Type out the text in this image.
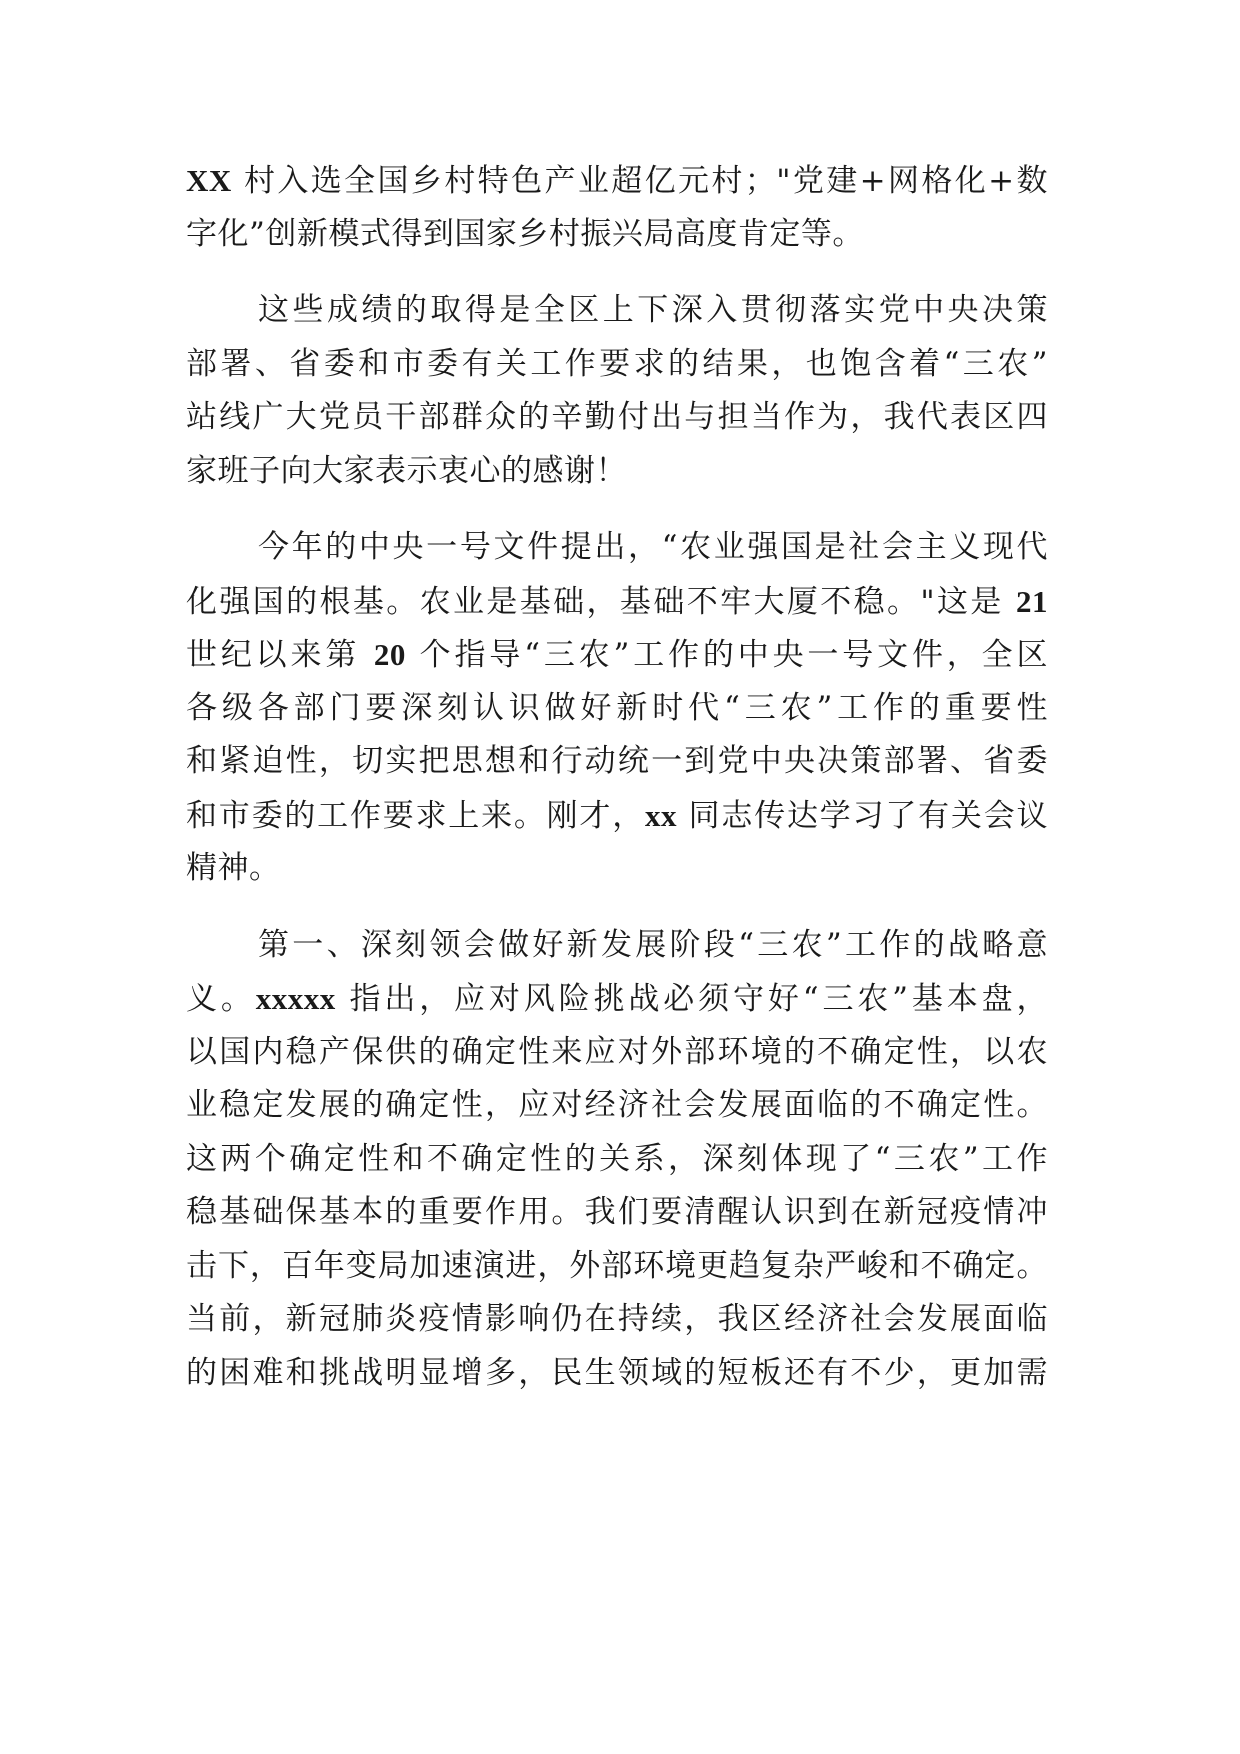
XX 村入选全国乡村特色产业超亿元村；"党建+网格化+数
字化”创新模式得到国家乡村振兴局高度肯定等。
这些成绩的取得是全区上下深入贯彻落实党中央决策
部署、省委和市委有关工作要求的结果，也饱含着“三农”
站线广大党员干部群众的辛勤付出与担当作为，我代表区四
家班子向大家表示衷心的感谢！
今年的中央一号文件提出，“农业强国是社会主义现代
化强国的根基。农业是基础，基础不牢大厦不稳。"这是 21
世纪以来第 20 个指导“三农”工作的中央一号文件，全区
各级各部门要深刻认识做好新时代“三农”工作的重要性
和紧迫性，切实把思想和行动统一到党中央决策部署、省委
和市委的工作要求上来。刚才，xx 同志传达学习了有关会议
精神。
第一、深刻领会做好新发展阶段“三农”工作的战略意
义。xxxxx 指出，应对风险挑战必须守好“三农”基本盘，
以国内稳产保供的确定性来应对外部环境的不确定性，以农
业稳定发展的确定性，应对经济社会发展面临的不确定性。
这两个确定性和不确定性的关系，深刻体现了“三农”工作
稳基础保基本的重要作用。我们要清醒认识到在新冠疫情冲
击下，百年变局加速演进，外部环境更趋复杂严峻和不确定。
当前，新冠肺炎疫情影响仍在持续，我区经济社会发展面临
的困难和挑战明显增多，民生领域的短板还有不少，更加需
